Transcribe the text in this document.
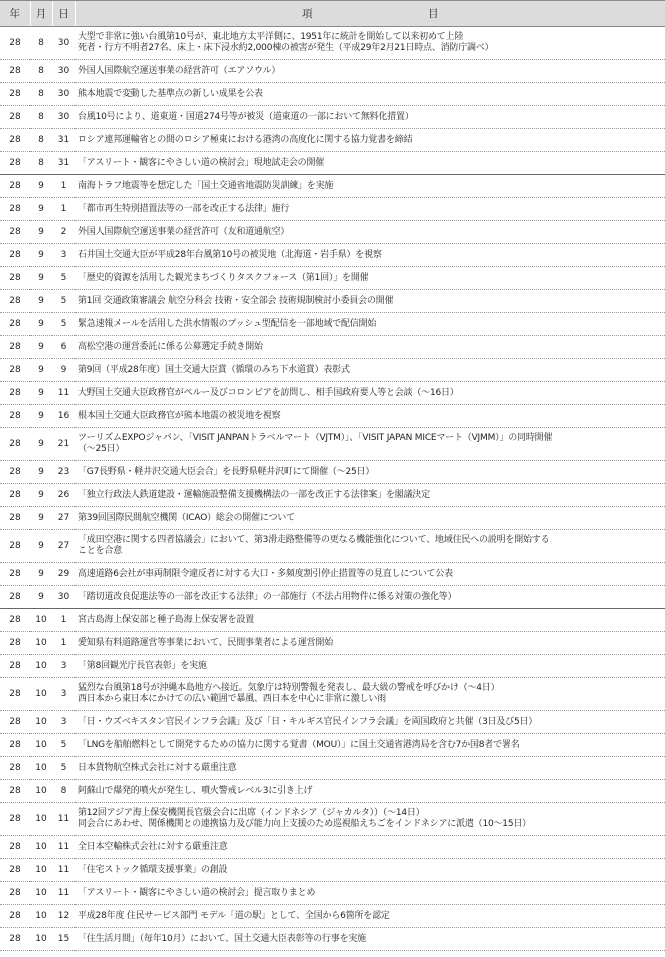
年	月	日	項　　　　　　　　　　　目
28	8	30	大型で非常に強い台風第10号が、東北地方太平洋側に、1951年に統計を開始して以来初めて上陸
死者・行方不明者27名、床上・床下浸水約2,000棟の被害が発生（平成29年2月21日時点、消防庁調べ）

28	8	30	外国人国際航空運送事業の経営許可（エアソウル）

28	8	30	熊本地震で変動した基準点の新しい成果を公表

28	8	30	台風10号により、道東道・国道274号等が被災（道東道の一部において無料化措置）

28	8	31	ロシア連邦運輸省との間のロシア極東における港湾の高度化に関する協力覚書を締結

28	8	31	「アスリート・観客にやさしい道の検討会」現地試走会の開催

28	9	1	南海トラフ地震等を想定した「国土交通省地震防災訓練」を実施

28	9	1	「都市再生特別措置法等の一部を改正する法律」施行

28	9	2	外国人国際航空運送事業の経営許可（友和道通航空）

28	9	3	石井国土交通大臣が平成28年台風第10号の被災地（北海道・岩手県）を視察

28	9	5	「歴史的資源を活用した観光まちづくりタスクフォース（第1回）」を開催

28	9	5	第1回 交通政策審議会 航空分科会 技術・安全部会 技術規制検討小委員会の開催

28	9	5	緊急速報メールを活用した洪水情報のプッシュ型配信を一部地域で配信開始

28	9	6	高松空港の運営委託に係る公募選定手続き開始

28	9	9	第9回（平成28年度）国土交通大臣賞（循環のみち下水道賞）表彰式

28	9	11	大野国土交通大臣政務官がペルー及びコロンビアを訪問し、相手国政府要人等と会談（～16日）

28	9	16	根本国土交通大臣政務官が熊本地震の被災地を視察

28	9	21	ツーリズムEXPOジャパン、「VISIT JANPANトラベルマート（VJTM）」、「VISIT JAPAN MICEマート（VJMM）」の同時開催
（～25日）

28	9	23	「G7長野県・軽井沢交通大臣会合」を長野県軽井沢町にて開催（～25日）

28	9	26	「独立行政法人鉄道建設・運輸施設整備支援機構法の一部を改正する法律案」を閣議決定

28	9	27	第39回国際民間航空機関（ICAO）総会の開催について

28	9	27	「成田空港に関する四者協議会」において、第3滑走路整備等の更なる機能強化について、地域住民への説明を開始する
ことを合意

28	9	29	高速道路6会社が車両制限令違反者に対する大口・多頻度割引停止措置等の見直しについて公表

28	9	30	「踏切道改良促進法等の一部を改正する法律」の一部施行（不法占用物件に係る対策の強化等）

28	10	1	宮古島海上保安部と種子島海上保安署を設置

28	10	1	愛知県有料道路運営等事業において、民間事業者による運営開始

28	10	3	「第8回観光庁長官表彰」を実施

28	10	3	猛烈な台風第18号が沖縄本島地方へ接近。気象庁は特別警報を発表し、最大級の警戒を呼びかけ（～4日）
西日本から東日本にかけての広い範囲で暴風、西日本を中心に非常に激しい雨

28	10	3	「日・ウズベキスタン官民インフラ会議」及び「日・キルギス官民インフラ会議」を両国政府と共催（3日及び5日）

28	10	5	「LNGを船舶燃料として開発するための協力に関する覚書（MOU）」に国土交通省港湾局を含む7か国8者で署名

28	10	5	日本貨物航空株式会社に対する厳重注意

28	10	8	阿蘇山で爆発的噴火が発生し、噴火警戒レベル3に引き上げ

28	10	11	第12回アジア海上保安機関長官級会合に出席（インドネシア（ジャカルタ））（～14日）
同会合にあわせ、関係機関との連携協力及び能力向上支援のため巡視船えちごをインドネシアに派遣（10～15日）

28	10	11	全日本空輸株式会社に対する厳重注意

28	10	11	「住宅ストック循環支援事業」の創設

28	10	11	「アスリート・観客にやさしい道の検討会」提言取りまとめ

28	10	12	平成28年度 住民サービス部門 モデル「道の駅」として、全国から6箇所を認定

28	10	15	「住生活月間」（毎年10月）において、国土交通大臣表彰等の行事を実施
